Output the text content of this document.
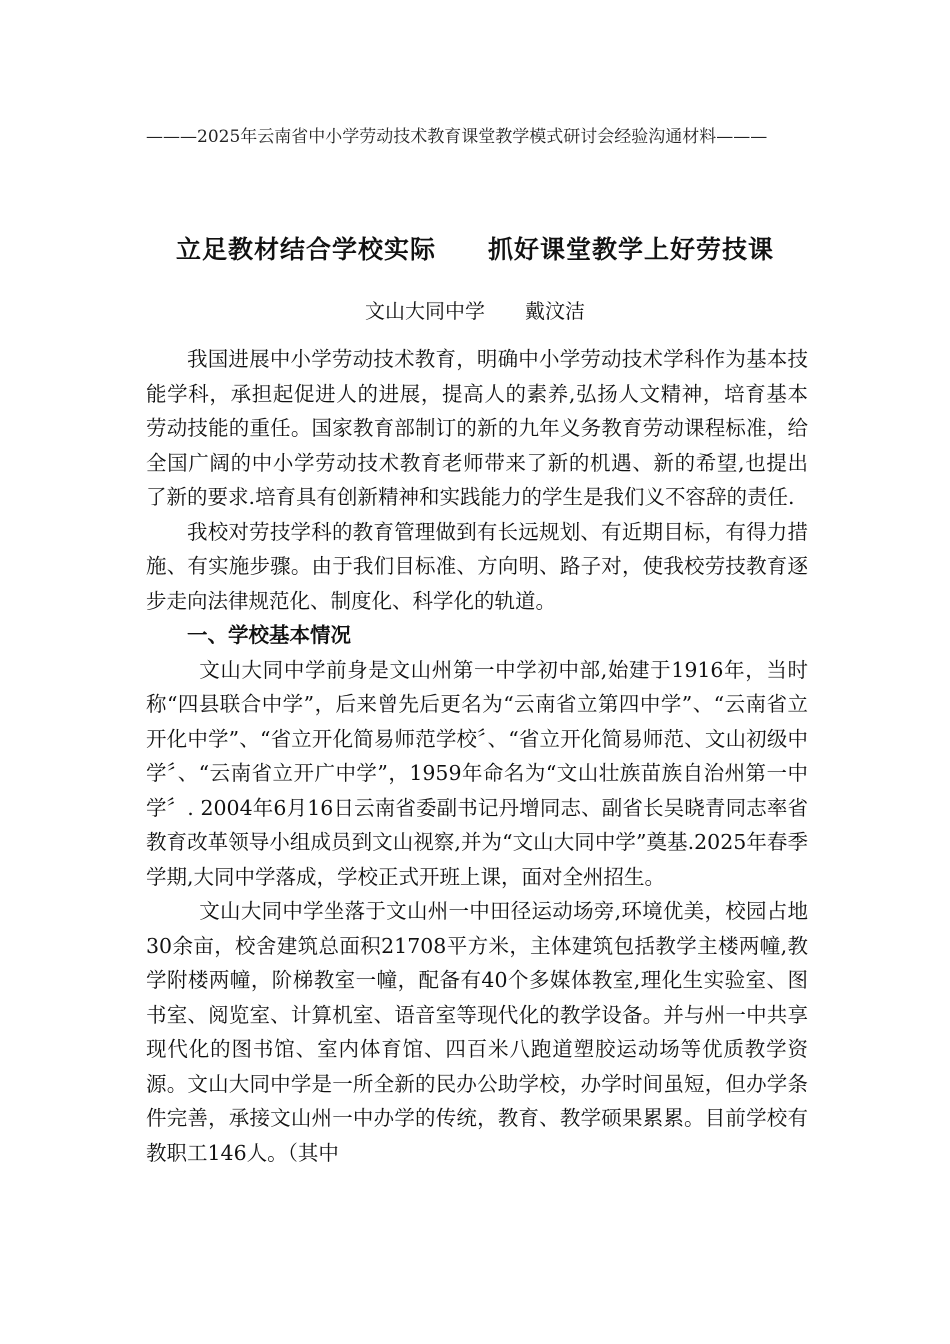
———2025年云南省中小学劳动技术教育课堂教学模式研讨会经验沟通材料———
立足教材结合学校实际　　抓好课堂教学上好劳技课
文山大同中学　　戴汶洁

我国进展中小学劳动技术教育，明确中小学劳动技术学科作为基本技能学科，承担起促进人的进展，提高人的素养,弘扬人文精神，培育基本劳动技能的重任。国家教育部制订的新的九年义务教育劳动课程标准，给全国广阔的中小学劳动技术教育老师带来了新的机遇、新的希望,也提出了新的要求.培育具有创新精神和实践能力的学生是我们义不容辞的责任.

我校对劳技学科的教育管理做到有长远规划、有近期目标，有得力措施、有实施步骤。由于我们目标准、方向明、路子对，使我校劳技教育逐步走向法律规范化、制度化、科学化的轨道。

一、学校基本情况

文山大同中学前身是文山州第一中学初中部,始建于1916年，当时称“四县联合中学”，后来曾先后更名为“云南省立第四中学”、“云南省立开化中学”、“省立开化简易师范学校〞、“省立开化简易师范、文山初级中学〞、“云南省立开广中学”，1959年命名为“文山壮族苗族自治州第一中学〞. 2004年6月16日云南省委副书记丹增同志、副省长吴晓青同志率省教育改革领导小组成员到文山视察,并为“文山大同中学”奠基.2025年春季学期,大同中学落成，学校正式开班上课，面对全州招生。

文山大同中学坐落于文山州一中田径运动场旁,环境优美，校园占地30余亩，校舍建筑总面积21708平方米，主体建筑包括教学主楼两幢,教学附楼两幢，阶梯教室一幢，配备有40个多媒体教室,理化生实验室、图书室、阅览室、计算机室、语音室等现代化的教学设备。并与州一中共享现代化的图书馆、室内体育馆、四百米八跑道塑胶运动场等优质教学资源。文山大同中学是一所全新的民办公助学校，办学时间虽短，但办学条件完善，承接文山州一中办学的传统，教育、教学硕果累累。目前学校有教职工146人。（其中
